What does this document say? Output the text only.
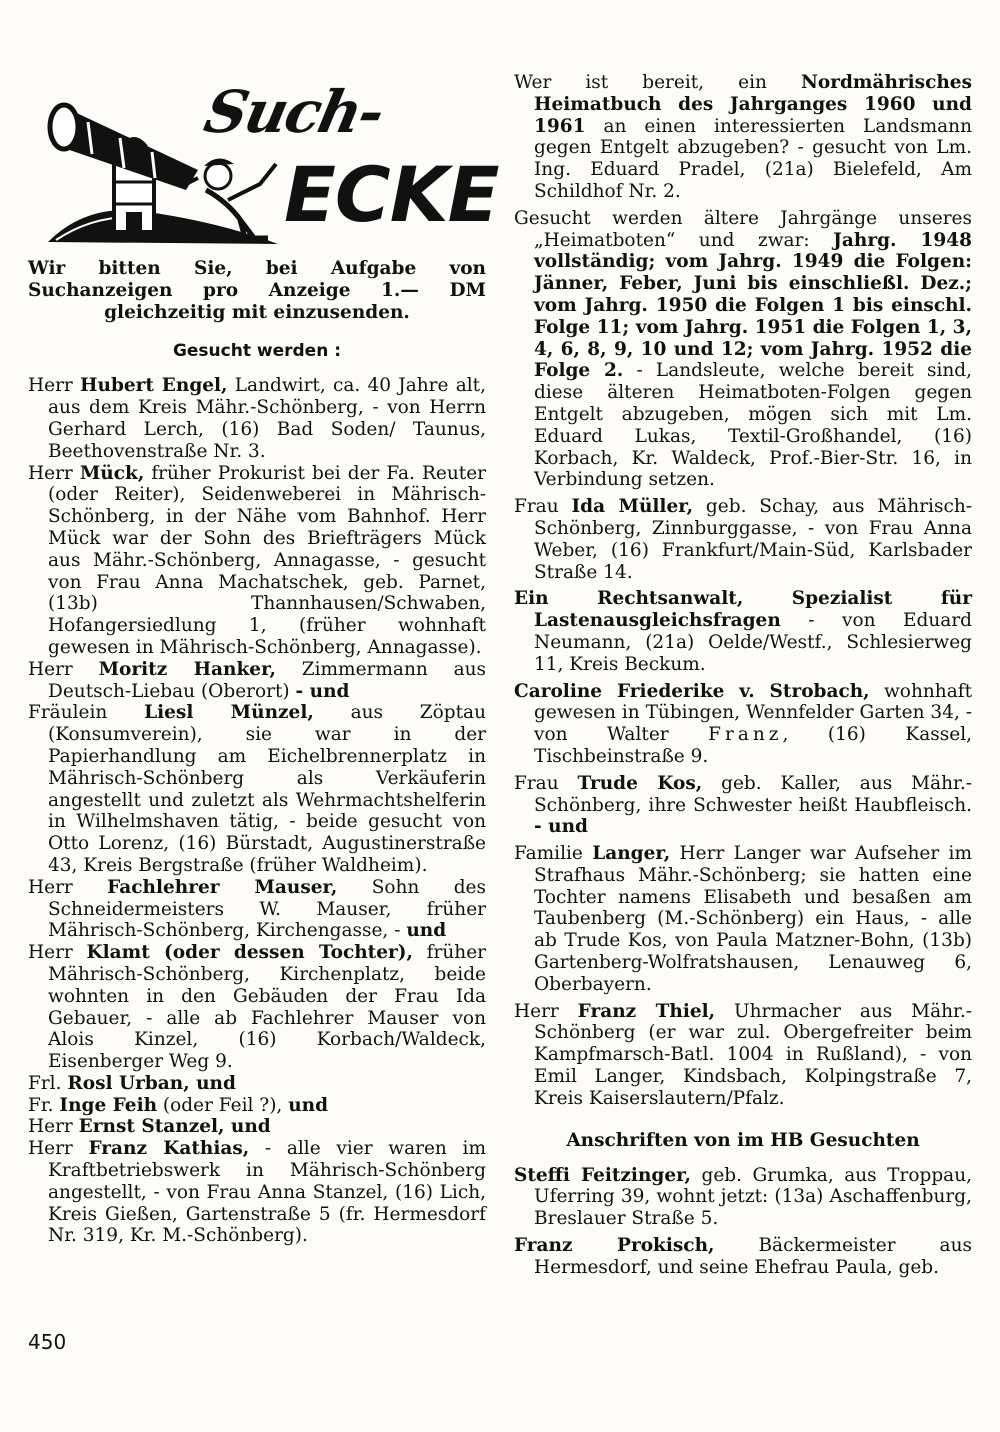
Such-
ECKE

Wir bitten Sie, bei Aufgabe von Suchanzeigen pro Anzeige 1.— DM gleichzeitig mit einzusenden.

Gesucht werden :

Herr Hubert Engel, Landwirt, ca. 40 Jahre alt, aus dem Kreis Mähr.-Schönberg, - von Herrn Gerhard Lerch, (16) Bad Soden/ Taunus, Beethovenstraße Nr. 3.

Herr Mück, früher Prokurist bei der Fa. Reuter (oder Reiter), Seidenweberei in Mährisch-Schönberg, in der Nähe vom Bahnhof. Herr Mück war der Sohn des Briefträgers Mück aus Mähr.-Schönberg, Annagasse, - gesucht von Frau Anna Machatschek, geb. Parnet, (13b) Thannhausen/Schwaben, Hofangersiedlung 1, (früher wohnhaft gewesen in Mährisch-Schönberg, Annagasse).

Herr Moritz Hanker, Zimmermann aus Deutsch-Liebau (Oberort) - und

Fräulein Liesl Münzel, aus Zöptau (Konsumverein), sie war in der Papierhandlung am Eichelbrennerplatz in Mährisch-Schönberg als Verkäuferin angestellt und zuletzt als Wehrmachtshelferin in Wilhelmshaven tätig, - beide gesucht von Otto Lorenz, (16) Bürstadt, Augustinerstraße 43, Kreis Bergstraße (früher Waldheim).

Herr Fachlehrer Mauser, Sohn des Schneidermeisters W. Mauser, früher Mährisch-Schönberg, Kirchengasse, - und

Herr Klamt (oder dessen Tochter), früher Mährisch-Schönberg, Kirchenplatz, beide wohnten in den Gebäuden der Frau Ida Gebauer, - alle ab Fachlehrer Mauser von Alois Kinzel, (16) Korbach/Waldeck, Eisenberger Weg 9.

Frl. Rosl Urban, und

Fr. Inge Feih (oder Feil ?), und

Herr Ernst Stanzel, und

Herr Franz Kathias, - alle vier waren im Kraftbetriebswerk in Mährisch-Schönberg angestellt, - von Frau Anna Stanzel, (16) Lich, Kreis Gießen, Gartenstraße 5 (fr. Hermesdorf Nr. 319, Kr. M.-Schönberg).

Wer ist bereit, ein Nordmährisches Heimatbuch des Jahrganges 1960 und 1961 an einen interessierten Landsmann gegen Entgelt abzugeben? - gesucht von Lm. Ing. Eduard Pradel, (21a) Bielefeld, Am Schildhof Nr. 2.

Gesucht werden ältere Jahrgänge unseres „Heimatboten“ und zwar: Jahrg. 1948 vollständig; vom Jahrg. 1949 die Folgen: Jänner, Feber, Juni bis einschließl. Dez.; vom Jahrg. 1950 die Folgen 1 bis einschl. Folge 11; vom Jahrg. 1951 die Folgen 1, 3, 4, 6, 8, 9, 10 und 12; vom Jahrg. 1952 die Folge 2. - Landsleute, welche bereit sind, diese älteren Heimatboten-Folgen gegen Entgelt abzugeben, mögen sich mit Lm. Eduard Lukas, Textil-Großhandel, (16) Korbach, Kr. Waldeck, Prof.-Bier-Str. 16, in Verbindung setzen.

Frau Ida Müller, geb. Schay, aus Mährisch-Schönberg, Zinnburggasse, - von Frau Anna Weber, (16) Frankfurt/Main-Süd, Karlsbader Straße 14.

Ein Rechtsanwalt, Spezialist für Lastenausgleichsfragen - von Eduard Neumann, (21a) Oelde/Westf., Schlesierweg 11, Kreis Beckum.

Caroline Friederike v. Strobach, wohnhaft gewesen in Tübingen, Wennfelder Garten 34, - von Walter Franz, (16) Kassel, Tischbeinstraße 9.

Frau Trude Kos, geb. Kaller, aus Mähr.-Schönberg, ihre Schwester heißt Haubfleisch. - und

Familie Langer, Herr Langer war Aufseher im Strafhaus Mähr.-Schönberg; sie hatten eine Tochter namens Elisabeth und besaßen am Taubenberg (M.-Schönberg) ein Haus, - alle ab Trude Kos, von Paula Matzner-Bohn, (13b) Gartenberg-Wolfratshausen, Lenauweg 6, Oberbayern.

Herr Franz Thiel, Uhrmacher aus Mähr.-Schönberg (er war zul. Obergefreiter beim Kampfmarsch-Batl. 1004 in Rußland), - von Emil Langer, Kindsbach, Kolpingstraße 7, Kreis Kaiserslautern/Pfalz.

Anschriften von im HB Gesuchten

Steffi Feitzinger, geb. Grumka, aus Troppau, Uferring 39, wohnt jetzt: (13a) Aschaffenburg, Breslauer Straße 5.

Franz Prokisch, Bäckermeister aus Hermesdorf, und seine Ehefrau Paula, geb.

450
